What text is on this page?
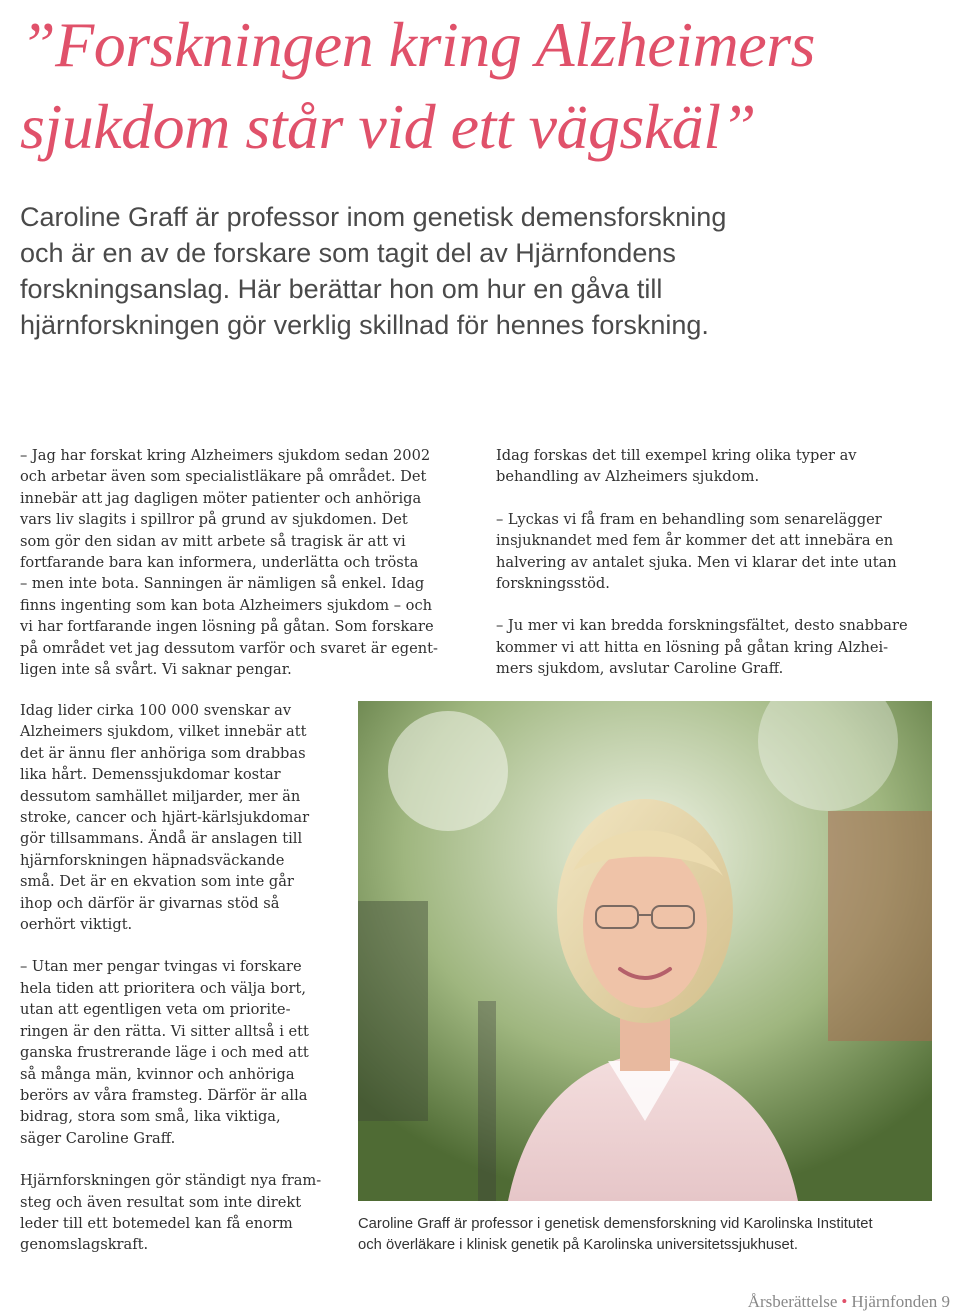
”Forskningen kring Alzheimers
sjukdom står vid ett vägskäl”
Caroline Graff är professor inom genetisk demensforskning
och är en av de forskare som tagit del av Hjärnfondens
forskningsanslag. Här berättar hon om hur en gåva till
hjärnforskningen gör verklig skillnad för hennes forskning.

– Jag har forskat kring Alzheimers sjukdom sedan 2002
och arbetar även som specialistläkare på området. Det
innebär att jag dagligen möter patienter och anhöriga
vars liv slagits i spillror på grund av sjukdomen. Det
som gör den sidan av mitt arbete så tragisk är att vi
fortfarande bara kan informera, underlätta och trösta
– men inte bota. Sanningen är nämligen så enkel. Idag
finns ingenting som kan bota Alzheimers sjukdom – och
vi har fortfarande ingen lösning på gåtan. Som forskare
på området vet jag dessutom varför och svaret är egent-
ligen inte så svårt. Vi saknar pengar.

Idag forskas det till exempel kring olika typer av
behandling av Alzheimers sjukdom.

– Lyckas vi få fram en behandling som senarelägger
insjuknandet med fem år kommer det att innebära en
halvering av antalet sjuka. Men vi klarar det inte utan
forskningsstöd.

– Ju mer vi kan bredda forskningsfältet, desto snabbare
kommer vi att hitta en lösning på gåtan kring Alzhei-
mers sjukdom, avslutar Caroline Graff.

Idag lider cirka 100 000 svenskar av
Alzheimers sjukdom, vilket innebär att
det är ännu fler anhöriga som drabbas
lika hårt. Demenssjukdomar kostar
dessutom samhället miljarder, mer än
stroke, cancer och hjärt-kärlsjukdomar
gör tillsammans. Ändå är anslagen till
hjärnforskningen häpnadsväckande
små. Det är en ekvation som inte går
ihop och därför är givarnas stöd så
oerhört viktigt.

– Utan mer pengar tvingas vi forskare
hela tiden att prioritera och välja bort,
utan att egentligen veta om priorite-
ringen är den rätta. Vi sitter alltså i ett
ganska frustrerande läge i och med att
så många män, kvinnor och anhöriga
berörs av våra framsteg. Därför är alla
bidrag, stora som små, lika viktiga,
säger Caroline Graff.

Hjärnforskningen gör ständigt nya fram-
steg och även resultat som inte direkt
leder till ett botemedel kan få enorm
genomslagskraft.

Caroline Graff är professor i genetisk demensforskning vid Karolinska Institutet
och överläkare i klinisk genetik på Karolinska universitetssjukhuset.
Årsberättelse • Hjärnfonden 9
